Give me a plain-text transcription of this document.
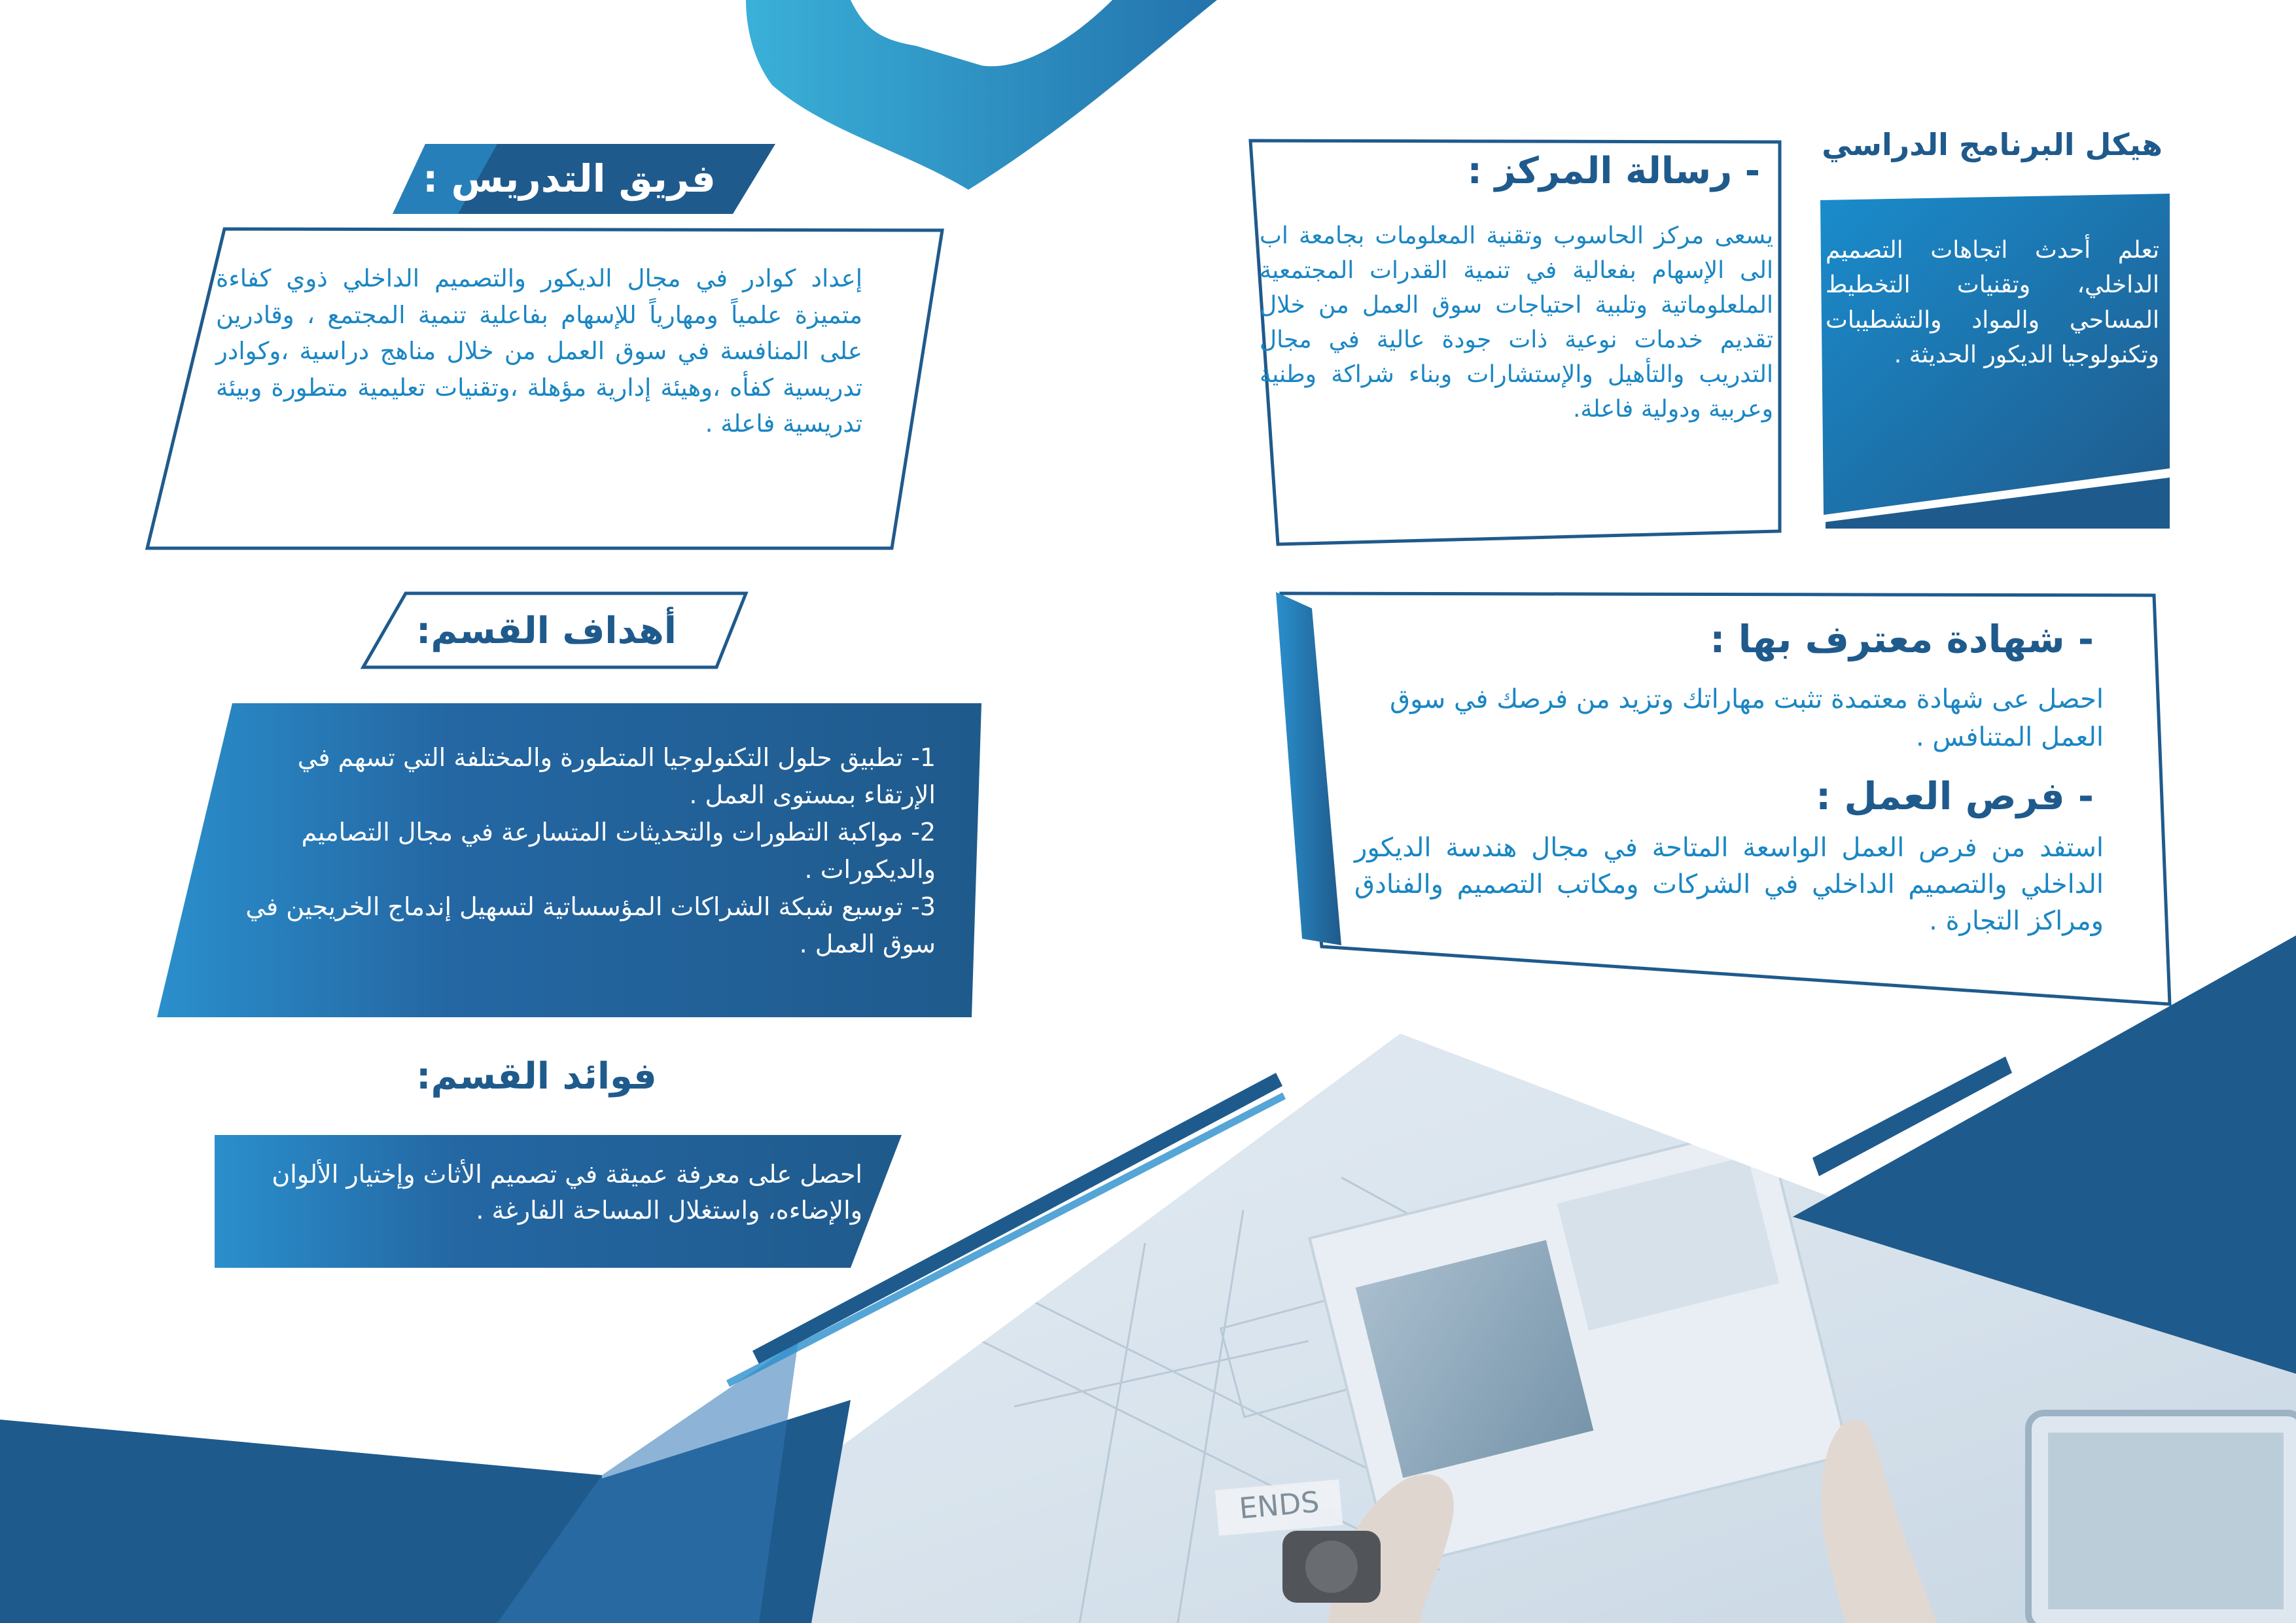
فريق التدريس :
إعداد كوادر في مجال الديكور والتصميم الداخلي ذوي كفاءة متميزة علمياً ومهارياً للإسهام بفاعلية تنمية المجتمع ، وقادرين على المنافسة في سوق العمل من خلال مناهج دراسية ،وكوادر تدريسية كفأه ،وهيئة إدارية مؤهلة ،وتقنيات تعليمية متطورة وبيئة تدريسية فاعلة .
- رسالة المركز :
يسعى مركز الحاسوب وتقنية المعلومات بجامعة اب الى الإسهام بفعالية في تنمية القدرات المجتمعية الملعلوماتية وتلبية احتياجات سوق العمل من خلال تقديم خدمات نوعية ذات جودة عالية في مجال التدريب والتأهيل والإستشارات وبناء شراكة وطنية وعربية ودولية فاعلة.
هيكل البرنامج الدراسي
تعلم أحدث اتجاهات التصميم الداخلي، وتقنيات التخطيط المساحي والمواد والتشطيبات وتكنولوجيا الديكور الحديثة .
أهداف القسم:
1- تطبيق حلول التكنولوجيا المتطورة والمختلفة التي تسهم في الإرتقاء بمستوى العمل .
2- مواكبة التطورات والتحديثات المتسارعة في مجال التصاميم والديكورات .
3- توسيع شبكة الشراكات المؤسساتية لتسهيل إندماج الخريجين في سوق العمل .
- شهادة معترف بها :
احصل عى شهادة معتمدة تثبت مهاراتك وتزيد من فرصك في سوق العمل المتنافس .
- فرص العمل :
استفد من فرص العمل الواسعة المتاحة في مجال هندسة الديكور الداخلي والتصميم الداخلي في الشركات ومكاتب التصميم والفنادق ومراكز التجارة .
فوائد القسم:
احصل على معرفة عميقة في تصميم الأثاث وإختيار الألوان والإضاءه، واستغلال المساحة الفارغة .
ENDS
